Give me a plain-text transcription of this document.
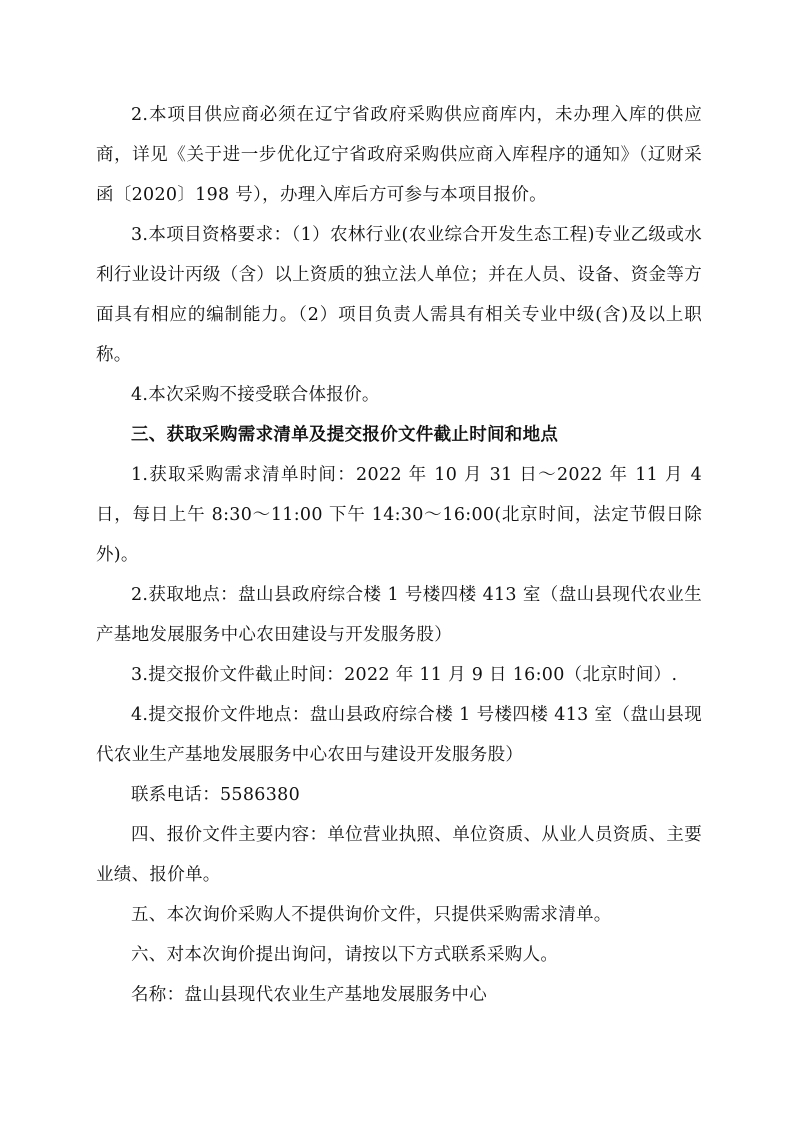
2.本项目供应商必须在辽宁省政府采购供应商库内，未办理入库的供应商，详见《关于进一步优化辽宁省政府采购供应商入库程序的通知》（辽财采函〔2020〕198 号），办理入库后方可参与本项目报价。

3.本项目资格要求：（1）农林行业(农业综合开发生态工程)专业乙级或水利行业设计丙级（含）以上资质的独立法人单位；并在人员、设备、资金等方面具有相应的编制能力。（2）项目负责人需具有相关专业中级(含)及以上职称。

4.本次采购不接受联合体报价。

三、获取采购需求清单及提交报价文件截止时间和地点

1.获取采购需求清单时间：2022 年 10 月 31 日～2022 年 11 月 4 日，每日上午 8:30～11:00 下午 14:30～16:00(北京时间，法定节假日除外)。

2.获取地点：盘山县政府综合楼 1 号楼四楼 413 室（盘山县现代农业生产基地发展服务中心农田建设与开发服务股）

3.提交报价文件截止时间：2022 年 11 月 9 日 16:00（北京时间）.

4.提交报价文件地点：盘山县政府综合楼 1 号楼四楼 413 室（盘山县现代农业生产基地发展服务中心农田与建设开发服务股）

联系电话：5586380

四、报价文件主要内容：单位营业执照、单位资质、从业人员资质、主要业绩、报价单。

五、本次询价采购人不提供询价文件，只提供采购需求清单。

六、对本次询价提出询问，请按以下方式联系采购人。

名称：盘山县现代农业生产基地发展服务中心
